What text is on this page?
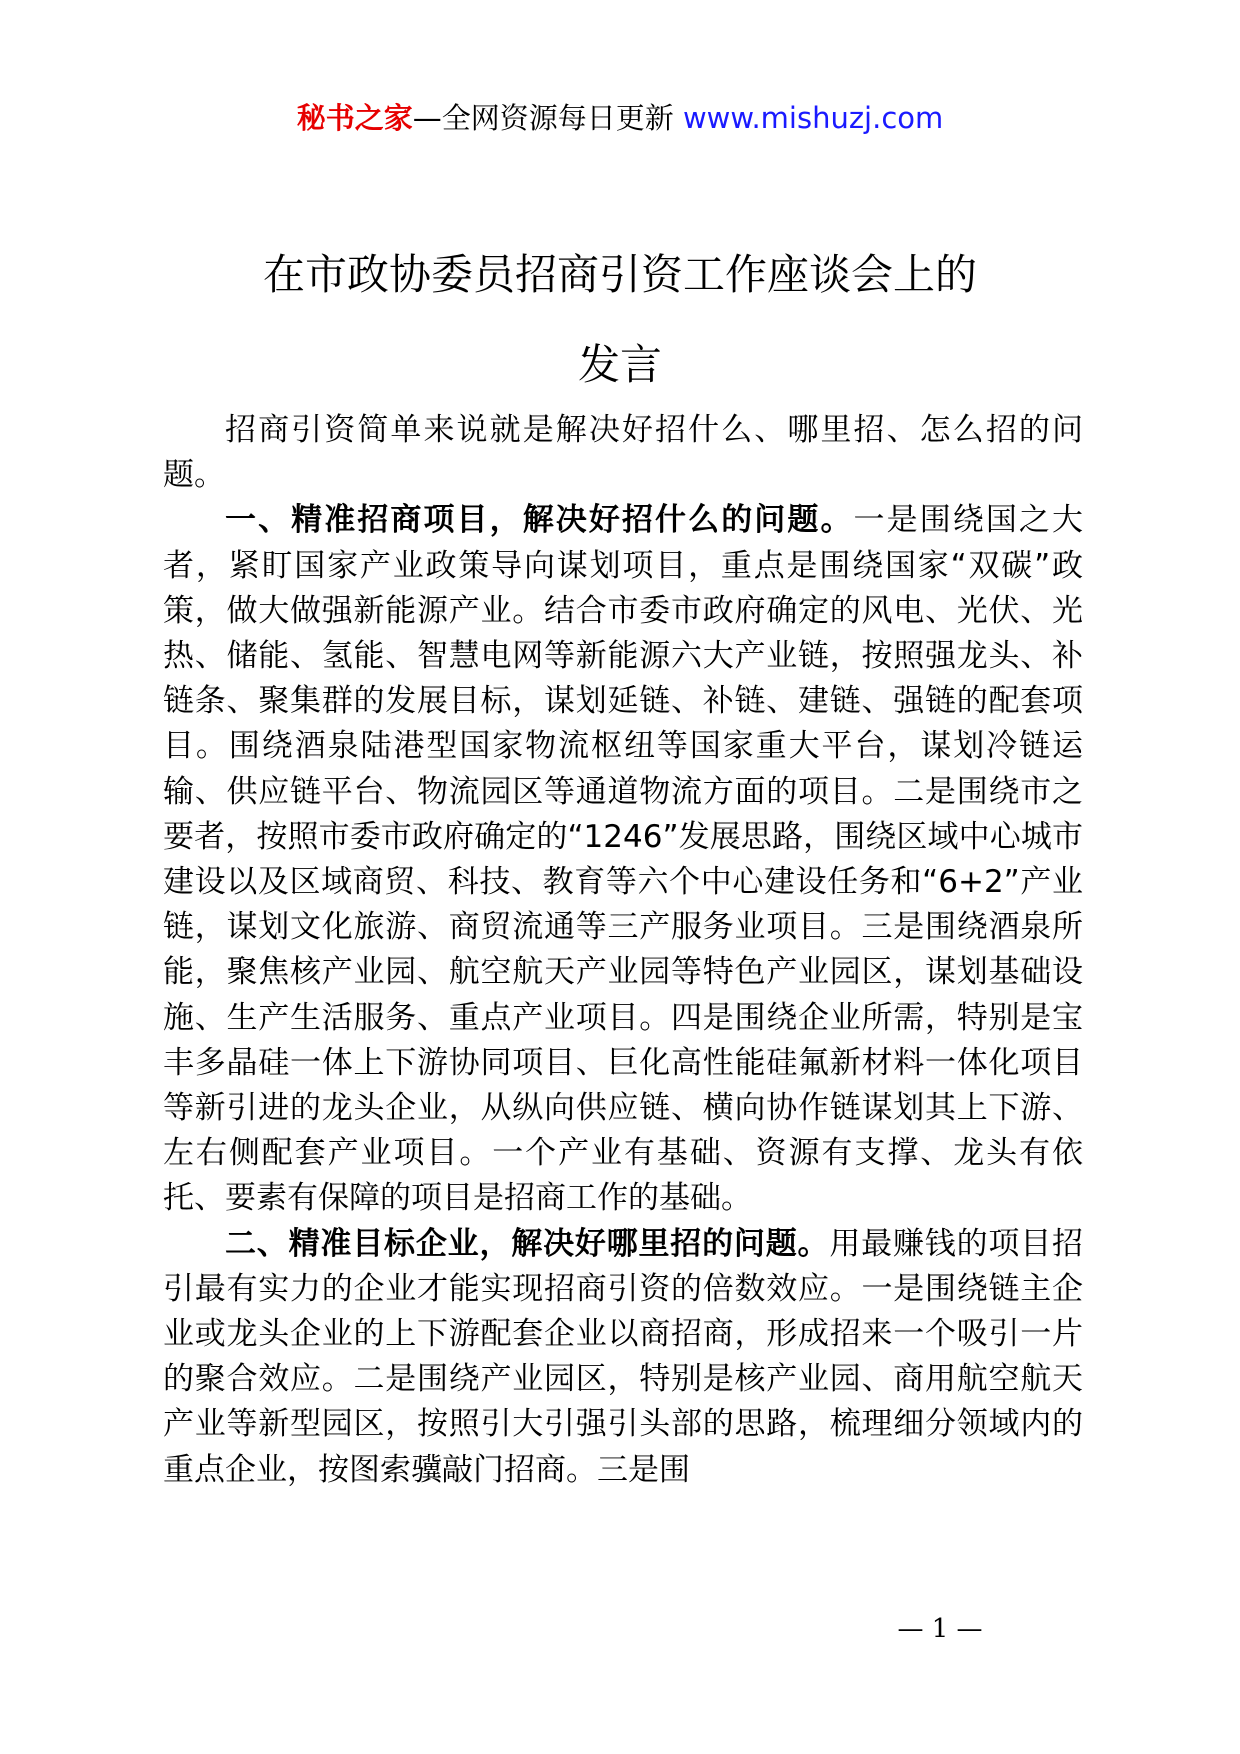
秘书之家—全网资源每日更新 www.mishuzj.com
在市政协委员招商引资工作座谈会上的
发言

招商引资简单来说就是解决好招什么、哪里招、怎么招的问题。

一、精准招商项目，解决好招什么的问题。一是围绕国之大者，紧盯国家产业政策导向谋划项目，重点是围绕国家“双碳”政策，做大做强新能源产业。结合市委市政府确定的风电、光伏、光热、储能、氢能、智慧电网等新能源六大产业链，按照强龙头、补链条、聚集群的发展目标，谋划延链、补链、建链、强链的配套项目。围绕酒泉陆港型国家物流枢纽等国家重大平台，谋划冷链运输、供应链平台、物流园区等通道物流方面的项目。二是围绕市之要者，按照市委市政府确定的“1246”发展思路，围绕区域中心城市建设以及区域商贸、科技、教育等六个中心建设任务和“6+2”产业链，谋划文化旅游、商贸流通等三产服务业项目。三是围绕酒泉所能，聚焦核产业园、航空航天产业园等特色产业园区，谋划基础设施、生产生活服务、重点产业项目。四是围绕企业所需，特别是宝丰多晶硅一体上下游协同项目、巨化高性能硅氟新材料一体化项目等新引进的龙头企业，从纵向供应链、横向协作链谋划其上下游、左右侧配套产业项目。一个产业有基础、资源有支撑、龙头有依托、要素有保障的项目是招商工作的基础。

二、精准目标企业，解决好哪里招的问题。用最赚钱的项目招引最有实力的企业才能实现招商引资的倍数效应。一是围绕链主企业或龙头企业的上下游配套企业以商招商，形成招来一个吸引一片的聚合效应。二是围绕产业园区，特别是核产业园、商用航空航天产业等新型园区，按照引大引强引头部的思路，梳理细分领域内的重点企业，按图索骥敲门招商。三是围

— 1 —
